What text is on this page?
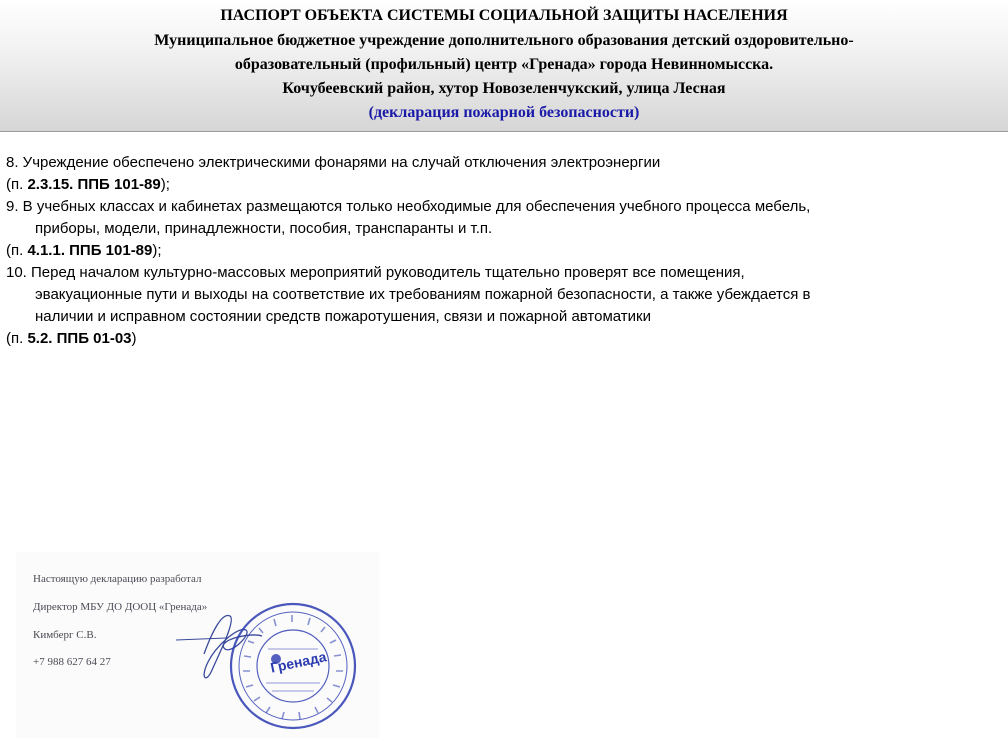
ПАСПОРТ ОБЪЕКТА СИСТЕМЫ СОЦИАЛЬНОЙ ЗАЩИТЫ НАСЕЛЕНИЯ
Муниципальное бюджетное учреждение дополнительного образования детский оздоровительно-
образовательный (профильный) центр «Гренада» города Невинномысска.
Кочубеевский район, хутор Новозеленчукский, улица Лесная
(декларация пожарной безопасности)
8. Учреждение обеспечено электрическими фонарями на случай отключения электроэнергии
(п. 2.3.15. ППБ 101-89);
9. В учебных классах и кабинетах размещаются только необходимые для обеспечения учебного процесса мебель,
приборы, модели, принадлежности, пособия, транспаранты и т.п.
(п. 4.1.1. ППБ 101-89);
10. Перед началом культурно-массовых мероприятий руководитель тщательно проверят все помещения,
эвакуационные пути и выходы на соответствие их требованиям пожарной безопасности, а также убеждается в
наличии и исправном состоянии средств пожаротушения, связи и пожарной автоматики
(п. 5.2. ППБ 01-03)
Настоящую декларацию разработал
Директор МБУ ДО ДООЦ «Гренада»
Кимберг С.В.
+7 988 627 64 27	Гренада
